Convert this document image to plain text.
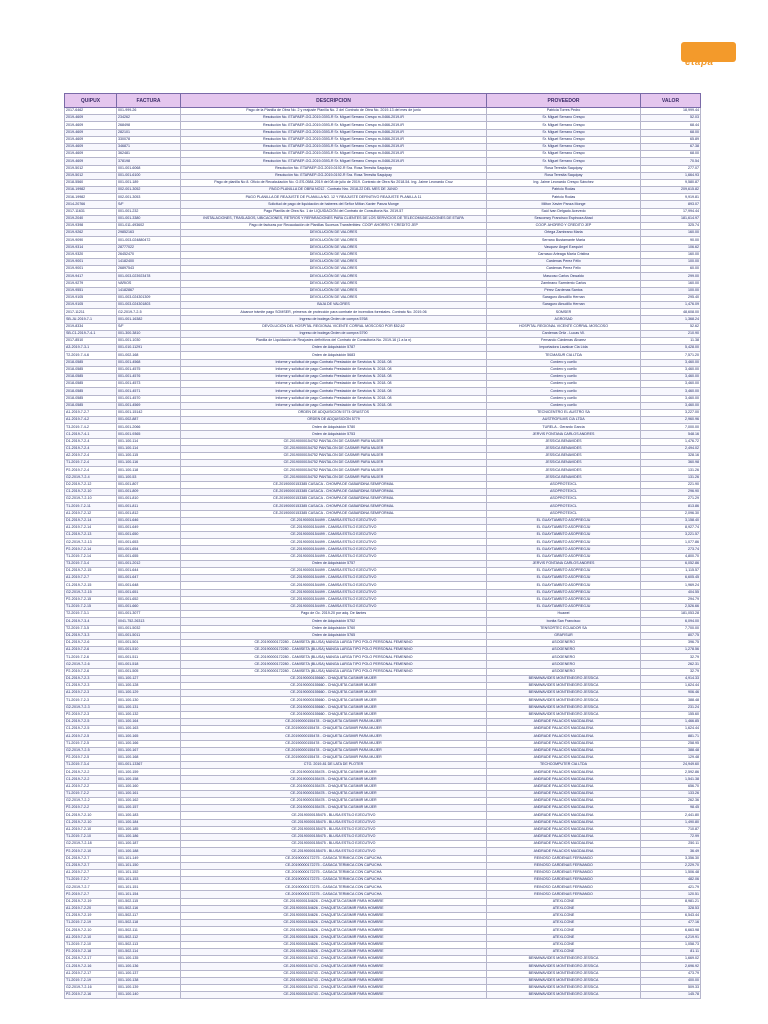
etapa
QUIPUX	FACTURA	DESCRIPCION	PROVEEDOR	VALOR
2017-6462	001-999-26	Pago de la Planilla de Obra No. 2 y reajuste Planilla No. 2 del Contrato de Obra No. 2019-13 del mes de junio	Patricia Torres Pedro	18,999.44
2019-4609	234262	Resolución No. ETAPAEP-GG-2019-0393-R Sr. Miguel Serrano Crespo m-0466-2019-IR	Sr. Miguel Serrano Crespo	52.03
2019-4609	268498	Resolución No. ETAPAEP-GG-2019-0393-R Sr. Miguel Serrano Crespo m-0466-2019-IR	Sr. Miguel Serrano Crespo	68.44
2019-4609	282101	Resolución No. ETAPAEP-GG-2019-0393-R Sr. Miguel Serrano Crespo m-0466-2019-IR	Sr. Miguel Serrano Crespo	68.00
2019-4609	330078	Resolución No. ETAPAEP-GG-2019-0393-R Sr. Miguel Serrano Crespo m-0466-2019-IR	Sr. Miguel Serrano Crespo	65.89
2019-4609	346871	Resolución No. ETAPAEP-GG-2019-0393-R Sr. Miguel Serrano Crespo m-0466-2019-IR	Sr. Miguel Serrano Crespo	67.38
2019-4609	362481	Resolución No. ETAPAEP-GG-2019-0393-R Sr. Miguel Serrano Crespo m-0466-2019-IR	Sr. Miguel Serrano Crespo	68.00
2019-4609	378198	Resolución No. ETAPAEP-GG-2019-0393-R Sr. Miguel Serrano Crespo m-0466-2019-IR	Sr. Miguel Serrano Crespo	70.54
2019-5012	001-001-6068	Resolución No. ETAPAEP-GG-2019-0192-R Sra. Rosa Teresita Saquipay	Rosa Teresita Saquipay	277.07
2019-5012	001-001-6100	Resolución No. ETAPAEP-GG-2019-0192-R Sra. Rosa Teresita Saquipay	Rosa Teresita Saquipay	1,664.93
2018-5560	001-001-189	Pago de planilla No 8. Oficio de Recalculación No. O-ES-0584-2019 del 08 de julio de 2019. Contrato de Obra No 2018-54. Ing. Jaime Leonardo Cruz	Ing. Jaime Leonardo Crespo Sánchez	9,580.87
2016-19982	002-001-3052	PAGO PLANILLA DE OBRA NO12 . Contrato Nro. 2018-22 DEL MES DE JUNIO	Patricio Rodas	209,615.82
2016-19982	002-001-3053	PAGO PLANILLA DE REAJUSTE DE PLANILLA NO. 12 Y REAJUSTE DEFINITIVO REAJUSTE PLANILLA 11	Patricio Rodas	9,919.81
2014-20766	S/F	Solicitud de pago de liquidación de haberes del Señor Milton Xavier Panza Monge	Milton Xavier Panza Monge	893.07
2017-11631	001-001-232	Pago Planilla de Obra No. 1 de LIQUIDACIÓN del Contrato de Consultoría No. 2019-57	Saúl Ivan Delgado Acevedo	17,994.44
2019-2040	001-001-3380	INSTALACIONES, TRASLADOS, UBICACIONES, RETIROS Y REPARACIONES PARA CLIENTES DE LOS SERVICIOS DE TELECOMUNICACIONES DE ETAPA	Sesconsry Francisco Espinoza Abad	181,614.97
2019-9398	001-011-493602	Pago de facturas por Recaudación de Planillas Sucesos Transferibles: COOP. AHORRO Y CREDITO JEP	COOP. AHORRO Y CREDITO JEP	325.74
2019-9262	29852163	DEVOLUCIÓN DE VALORES	Ortega Zambrano Maria	160.00
2019-9090	001-003-024880472	DEVOLUCIÓN DE VALORES	Serrano Bustamante Maria	90.00
2019-9314	28777022	DEVOLUCIÓN DE VALORES	Vasquez Ángel Ezequiel	106.62
2019-9320	26452470	DEVOLUCIÓN DE VALORES	Carrasco Arteaga María Cristina	160.00
2019-9001	14182400	DEVOLUCIÓN DE VALORES	Cardenas Perez Félix	100.00
2019-9001	26897543	DEVOLUCIÓN DE VALORES	Cardenas Perez Felix	60.00
2019-9417	001-003-023923478	DEVOLUCIÓN DE VALORES	Mascoso Carlos Oswaldo	299.00
2019-9279	VARIOS	DEVOLUCIÓN DE VALORES	Zambrano Sarmiento Carlos	160.00
2019-9551	14182867	DEVOLUCIÓN DE VALORES	Pérez Cardenas Santos	100.00
2019-9105	001-003-024301309	DEVOLUCIÓN DE VALORES	Saraguro Atnudillo Hernan	295.40
2019-9105	001-003-024301803	BAJA DE VALORES	Saraguro Atnudillo Hernan	1,476.09
2017-11211	G2-2019-7-2-5	Alcance trámite pago SOMSER, primeros de protección para combate de incendios forestales. Contrato No. 2019-06	SOMSER	48,608.00
SB-JU-2019-7-1	001-001-16382	Ingreso de bodega Orden de compra 5768	AGROSAD	1,368.24
2019-8334	S/F	DEVOLUCIÓN DEL HOSPITAL REGIONAL VICENTE CORRAL MOSCOSO POR $52,62	HOSPITAL REGIONAL VICENTE CORRAL MOSCOSO	52.62
SB-C1-2019-7-4-1	001-300-3810	Ingreso de bodega Orden de compra 5790	Cardenas Ortiz - Lucas Vil.	210.90
2017-8510	001-001-1030	Planilla de Liquidación de Reajustes definitivos del Contrato de Consultoría No. 2019-16 (1 a la n)	Fernando Cárdenas Álvarez	11.38
A3-2019-7-3-1	001-010-11291	Orden de Adquisición 5787	Importadora Lavalcar Cia Ltda	5,428.00
T2-2019-7-4-6	001-002-168	Orden de Adquisición 5683	TECMASUR CIA LTDA	7,571.20
2018-0585	001-001-4568	Informe y solicitud de pago Contrato Prestación de Servicios N. 2018- 08	Cordero y cuello	3,460.00
2018-0585	001-001-4575	Informe y solicitud de pago Contrato Prestación de Servicios N. 2018- 08	Cordero y cuello	3,460.00
2018-0585	001-001-4576	Informe y solicitud de pago Contrato Prestación de Servicios N. 2018- 08	Cordero y cuello	3,460.00
2018-0585	001-001-4573	Informe y solicitud de pago Contrato Prestación de Servicios N. 2018- 08	Cordero y cuello	3,460.00
2018-0585	001-001-4571	Informe y solicitud de pago Contrato Prestación de Servicios N. 2018- 08	Cordero y cuello	3,460.00
2018-0585	001-001-4570	Informe y solicitud de pago Contrato Prestación de Servicios N. 2018- 08	Cordero y cuello	3,460.00
2018-0585	001-001-4569	Informe y solicitud de pago Contrato Prestación de Servicios N. 2018- 08	Cordero y cuello	3,460.00
A1-2019-7-2-7	001-001-15142	ORDEN DE ADQUISICIÓN 5774 GRASTOS	TECNICENTRO EL AUSTRO SA	3,227.00
A1-2019-7-4-2	001-002-887	ORDEN DE ADQUISICIÓN 5779	AUSTROFILMS CIA LTDA	2,960.96
T3-2019-7-4-2	001-001-2066	Orden de Adquisición 5780	TURELA - Gerardo García	7,000.00
C1-2019-7-4-1	001-001-9365	Orden de Adquisición 5753	JERVIS FONTANA CARLOS ANDRES	548.16
D1-2019-7-2-4	001-100-114	CE-20190000154752 PANTALON DE CASIMIR PARA MUJER	JESSICA BENAVIDES	1,476.72
C1-2019-7-2-4	001-100-114	CE-20190000154752 PANTALON DE CASIMIR PARA MUJER	JESSICA BENAVIDES	2,494.02
A2-2019-7-2-4	001-100-115	CE-20190000154752 PANTALON DE CASIMIR PARA MUJER	JESSICA BENAVIDES	328.16
T1-2019-7-2-4	001-100-116	CE-20190000154752 PANTALON DE CASIMIR PARA MUJER	JESSICA BENAVIDES	360.98
P2-2019-7-2-4	001-100-118	CE-20190000154752 PANTALON DE CASIMIR PARA MUJER	JESSICA BENAVIDES	131.26
G2-2019-7-2-4	001-100-53	CE-20190000154752 PANTALON DE CASIMIR PARA MUJER	JESSICA BENAVIDES	131.26
D2-2019-7-2-12	001-001-807	CE-20190000153385 CASACA - CHOMPA DE GABARDINA SEMIFORMAL	ASOPROTEXCL	221.90
C1-2019-7-2-10	001-001-809	CE-20190000153385 CASACA - CHOMPA DE GABARDINA SEMIFORMAL	ASOPROTEXCL	296.90
G2-2019-7-2-10	001-001-810	CE-20190000153385 CASACA - CHOMPA DE GABARDINA SEMIFORMAL	ASOPROTEXCL	271.29
T1-2019-7-2-11	001-001-811	CE-20190000153385 CASACA - CHOMPA DE GABARDINA SEMIFORMAL	ASOPROTEXCL	813.86
A1-2019-7-2-12	001-001-812	CE-20190000153385 CASACA - CHOMPA DE GABARDINA SEMIFORMAL	ASOPROTEXCL	2,096.30
D1-2019-7-2-14	001-001-646	CE-20190000154499 - CAMISA ESTILO EJECUTIVO	EL GUAYTAMBITO ASOPREGJU	3,158.40
A1-2019-7-2-14	001-001-649	CE-20190000154499 - CAMISA ESTILO EJECUTIVO	EL GUAYTAMBITO ASOPREGJU	8,927.74
C1-2019-7-2-13	001-001-650	CE-20190000154499 - CAMISA ESTILO EJECUTIVO	EL GUAYTAMBITO ASOPREGJU	3,221.57
G2-2019-7-2-13	001-001-653	CE-20190000154499 - CAMISA ESTILO EJECUTIVO	EL GUAYTAMBITO ASOPREGJU	1,077.86
P2-2019-7-2-14	001-001-654	CE-20190000154499 - CAMISA ESTILO EJECUTIVO	EL GUAYTAMBITO ASOPREGJU	273.74
T1-2019-7-2-14	001-001-655	CE-20190000154499 - CAMISA ESTILO EJECUTIVO	EL GUAYTAMBITO ASOPREGJU	4,800.70
T3-2019-7-3-4	001-001-2012	Orden de Adquisición 5757	JERVIS FONTANA CARLOS ANDRES	6,052.86
D1-2019-7-2-15	001-001-644	CE-20190000154499 - CAMISA ESTILO EJECUTIVO	EL GUAYTAMBITO ASOPREGJU	1,115.57
A1-2019-7-2-7	001-001-647	CE-20190000154499 - CAMISA ESTILO EJECUTIVO	EL GUAYTAMBITO ASOPREGJU	6,605.45
C1-2019-7-2-15	001-001-648	CE-20190000154499 - CAMISA ESTILO EJECUTIVO	EL GUAYTAMBITO ASOPREGJU	1,969.24
G2-2019-7-2-15	001-001-651	CE-20190000154499 - CAMISA ESTILO EJECUTIVO	EL GUAYTAMBITO ASOPREGJU	404.55
P2-2019-7-2-15	001-001-652	CE-20190000154499 - CAMISA ESTILO EJECUTIVO	EL GUAYTAMBITO ASOPREGJU	294.79
T1-2019-7-2-15	001-001-660	CE-20190000154499 - CAMISA ESTILO EJECUTIVO	EL GUAYTAMBITO ASOPREGJU	2,526.66
T2-2019-7-3-1	001-001-3077	Pago de Oc. 2019-20 por adq. De llantes	Huawei	181,053.28
D1-2019-7-3-4	0041-752-26313	Orden de Adquisición 5752	bonita San Francisco	6,094.00
T2-2019-7-3-5	001-001-5032	Orden de Adquisición 5760	TENSORTEC ECUADOR SA	7,700.00
D1-2019-7-3-3	001-001-5011	Orden de Adquisición 5765	GRAFISUR	807.75
D1-2019-7-2-6	001-001-501	CE-20190000172280 - CAMISETA (BLUSA) MANGA LARGA TIPO POLO PERSONAL FEMENINO	ASOGENERO	396.75
A1-2019-7-2-6	001-001-510	CE-20190000172280 - CAMISETA (BLUSA) MANGA LARGA TIPO POLO PERSONAL FEMENINO	ASOGENERO	1,278.56
T1-2019-7-2-6	001-001-511	CE-20190000172280 - CAMISETA (BLUSA) MANGA LARGA TIPO POLO PERSONAL FEMENINO	ASOGENERO	32.79
G2-2019-7-2-6	001-001-518	CE-20190000172280 - CAMISETA (BLUSA) MANGA LARGA TIPO POLO PERSONAL FEMENINO	ASOGENERO	262.31
P2-2019-7-2-6	001-001-505	CE-20190000172280 - CAMISETA (BLUSA) MANGA LARGA TIPO POLO PERSONAL FEMENINO	ASOGENERO	32.79
D1-2019-7-2-3	001-100-127	CE-20190000155660 - CHAQUETA CASIMIR MUJER	BENMWAVIDES MONTENEGRO JESSICA	4,914.33
C1-2019-7-2-3	001-100-128	CE-20190000155660 - CHAQUETA CASIMIR MUJER	BENMWAVIDES MONTENEGRO JESSICA	1,624.44
A1-2019-7-2-3	001-100-129	CE-20190000155660 - CHAQUETA CASIMIR MUJER	BENMWAVIDES MONTENEGRO JESSICA	906.46
T1-2019-7-2-3	001-100-130	CE-20190000155660 - CHAQUETA CASIMIR MUJER	BENMWAVIDES MONTENEGRO JESSICA	388.48
G2-2019-7-2-3	001-100-131	CE-20190000155660 - CHAQUETA CASIMIR MUJER	BENMWAVIDES MONTENEGRO JESSICA	231.24
P2-2019-7-2-3	001-100-132	CE-20190000155660 - CHAQUETA CASIMIR MUJER	BENMWAVIDES MONTENEGRO JESSICA	155.60
D1-2019-7-2-5	001-100-164	CE-20190000155478 - CHAQUETA CASIMIR PARA MUJER	ANDRADE PALACIOS MAGDALENA	1,466.85
C1-2019-7-2-5	001-100-163	CE-20190000155478 - CHAQUETA CASIMIR PARA MUJER	ANDRADE PALACIOS MAGDALENA	1,624.44
A1-2019-7-2-5	001-100-165	CE-20190000155478 - CHAQUETA CASIMIR PARA MUJER	ANDRADE PALACIOS MAGDALENA	881.71
T1-2019-7-2-5	001-100-166	CE-20190000155478 - CHAQUETA CASIMIR PARA MUJER	ANDRADE PALACIOS MAGDALENA	258.95
G2-2019-7-2-5	001-100-167	CE-20190000155478 - CHAQUETA CASIMIR PARA MUJER	ANDRADE PALACIOS MAGDALENA	388.48
P2-2019-7-2-5	001-100-168	CE-20190000155478 - CHAQUETA CASIMIR PARA MUJER	ANDRADE PALACIOS MAGDALENA	129.48
T1-2019-7-3-4	001-001-13367	CTG. 2019-81 DE LATA DE PLOTER	TECHCOMPUTER CIA LTDA	24,949.60
D1-2019-7-2-2	001-100-159	CE-20190000155478 - CHAQUETA CASIMIR MUJER	ANDRADE PALACIOS MAGDALENA	2,592.86
C1-2019-7-2-2	001-100-158	CE-20190000155478 - CHAQUETA CASIMIR MUJER	ANDRADE PALACIOS MAGDALENA	1,541.38
A1-2019-7-2-2	001-100-160	CE-20190000155478 - CHAQUETA CASIMIR MUJER	ANDRADE PALACIOS MAGDALENA	656.70
T1-2019-7-2-2	001-100-161	CE-20190000155478 - CHAQUETA CASIMIR MUJER	ANDRADE PALACIOS MAGDALENA	133.26
G2-2019-7-2-2	001-100-162	CE-20190000155478 - CHAQUETA CASIMIR MUJER	ANDRADE PALACIOS MAGDALENA	262.36
P2-2019-7-2-2	001-100-157	CE-20190000155478 - CHAQUETA CASIMIR MUJER	ANDRADE PALACIOS MAGDALENA	98.45
D1-2019-7-2-10	001-100-183	CE-20190000155475 - BLUSA ESTILO EJECUTIVO	ANDRADE PALACIOS MAGDALENA	2,441.80
C1-2019-7-2-10	001-100-184	CE-20190000155475 - BLUSA ESTILO EJECUTIVO	ANDRADE PALACIOS MAGDALENA	1,490.80
A1-2019-7-2-10	001-100-185	CE-20190000155475 - BLUSA ESTILO EJECUTIVO	ANDRADE PALACIOS MAGDALENA	710.87
T1-2019-7-2-10	001-100-186	CE-20190000155475 - BLUSA ESTILO EJECUTIVO	ANDRADE PALACIOS MAGDALENA	72.99
G2-2019-7-2-18	001-100-187	CE-20190000155475 - BLUSA ESTILO EJECUTIVO	ANDRADE PALACIOS MAGDALENA	250.11
P2-2019-7-2-10	001-100-188	CE-20190000155475 - BLUSA ESTILO EJECUTIVO	ANDRADE PALACIOS MAGDALENA	36.49
D1-2019-7-2-7	001-101-149	CE-20190000172275 - CASACA TERMICA CON CAPUCHA	REINOSO CARDENAS FERNANDO	3,356.30
C1-2019-7-2-7	001-101-150	CE-20190000172275 - CASACA TERMICA CON CAPUCHA	REINOSO CARDENAS FERNANDO	2,229.70
A1-2019-7-2-7	001-101-152	CE-20190000172275 - CASACA TERMICA CON CAPUCHA	REINOSO CARDENAS FERNANDO	1,506.48
T1-2019-7-2-7	001-101-153	CE-20190000172275 - CASACA TERMICA CON CAPUCHA	REINOSO CARDENAS FERNANDO	482.06
G2-2019-7-2-7	001-101-151	CE-20190000172275 - CASACA TERMICA CON CAPUCHA	REINOSO CARDENAS FERNANDO	421.79
P2-2019-7-2-7	001-101-154	CE-20190000172275 - CASACA TERMICA CON CAPUCHA	REINOSO CARDENAS FERNANDO	120.51
D1-2019-7-2-19	001-502-115	CE-20190000154626 - CHAQUETA CASIMIR PARA HOMBRE	ATEXLCONE	8,981.21
A1-2019-7-2-20	001-502-116	CE-20190000154626 - CHAQUETA CASIMIR PARA HOMBRE	ATEXLCONE	328.53
C1-2019-7-2-19	001-502-117	CE-20190000154626 - CHAQUETA CASIMIR PARA HOMBRE	ATEXLCONE	6,543.44
T1-2019-7-2-19	001-502-118	CE-20190000154626 - CHAQUETA CASIMIR PARA HOMBRE	ATEXLCONE	477.16
D1-2019-7-2-10	001-502-111	CE-20190000154626 - CHAQUETA CASIMIR PARA HOMBRE	ATEXLCONE	6,663.98
A1-2019-7-2-10	001-502-112	CE-20190000154626 - CHAQUETA CASIMIR PARA HOMBRE	ATEXLCONE	4,219.91
T1-2019-7-2-10	001-502-113	CE-20190000154626 - CHAQUETA CASIMIR PARA HOMBRE	ATEXLCONE	1,058.73
P2-2019-7-2-18	001-502-114	CE-20190000154626 - CHAQUETA CASIMIR PARA HOMBRE	ATEXLCONE	81.11
D1-2019-7-2-17	001-100-135	CE-20190000154743 - CHAQUETA CASIMIR PARA HOMBRE	BENMWAVIDES MONTENEGRO JESSICA	1,669.02
C1-2019-7-2-16	001-100-136	CE-20190000154743 - CHAQUETA CASIMIR PARA HOMBRE	BENMWAVIDES MONTENEGRO JESSICA	2,696.92
A1-2019-7-2-17	001-100-137	CE-20190000154743 - CHAQUETA CASIMIR PARA HOMBRE	BENMWAVIDES MONTENEGRO JESSICA	473.79
T1-2019-7-2-19	001-100-138	CE-20190000154743 - CHAQUETA CASIMIR PARA HOMBRE	BENMWAVIDES MONTENEGRO JESSICA	400.00
G2-2019-7-2-16	001-100-139	CE-20190000154743 - CHAQUETA CASIMIR PARA HOMBRE	BENMWAVIDES MONTENEGRO JESSICA	509.33
P2-2019-7-2-16	001-100-140	CE-20190000154743 - CHAQUETA CASIMIR PARA HOMBRE	BENMWAVIDES MONTENEGRO JESSICA	145.78
